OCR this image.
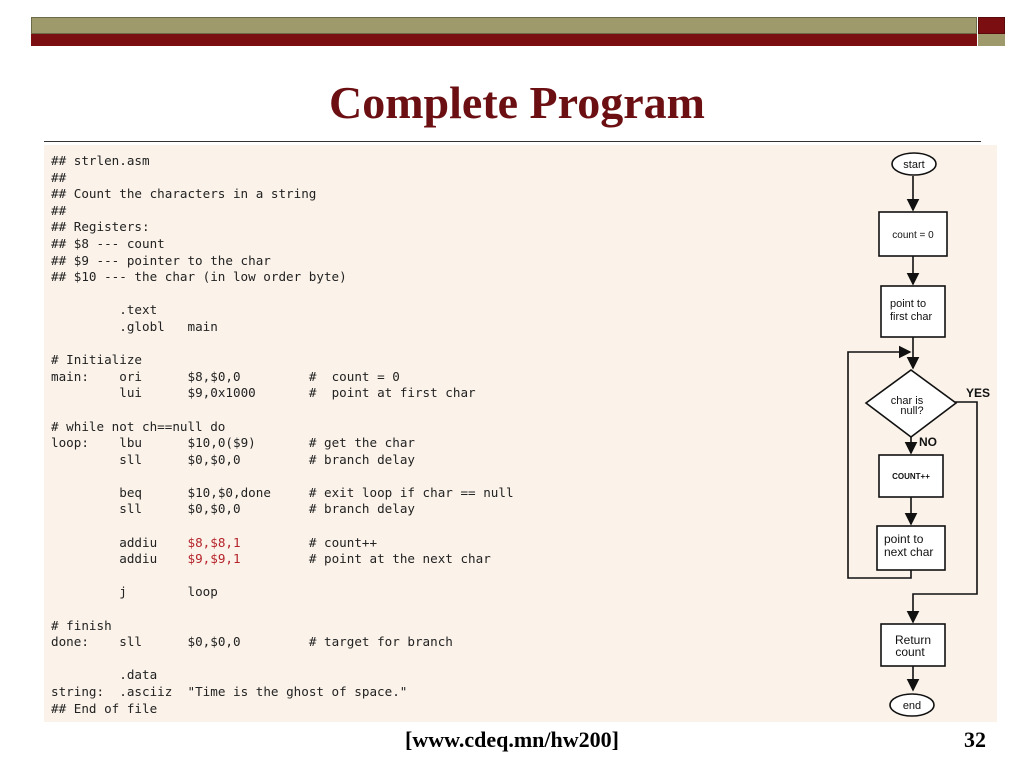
Complete Program
## strlen.asm
##
## Count the characters in a string
##
## Registers:
## $8 --- count
## $9 --- pointer to the char
## $10 --- the char (in low order byte)
.text
.globl   main
# Initialize
main:    ori      $8,$0,0         #  count = 0
lui      $9,0x1000       #  point at first char
# while not ch==null do
loop:    lbu      $10,0($9)       # get the char
sll      $0,$0,0         # branch delay
beq      $10,$0,done     # exit loop if char == null
sll      $0,$0,0         # branch delay
addiu    $8,$8,1         # count++
addiu    $9,$9,1         # point at the next char
j        loop
# finish
done:    sll      $0,$0,0         # target for branch
.data
string:  .asciiz  "Time is the ghost of space."
## End of file
start
count = 0
point to
first char
char is
null?
YES
NO
COUNT++
point to
next char
Return
count
end
[www.cdeq.mn/hw200]	32
